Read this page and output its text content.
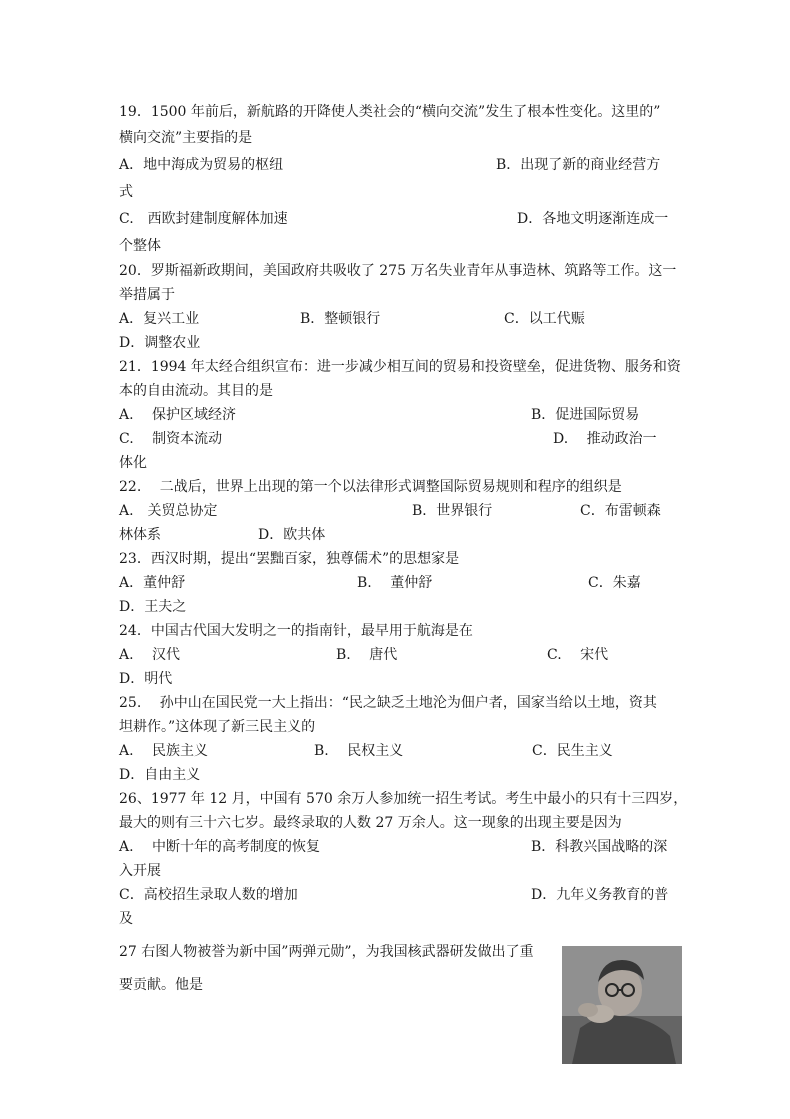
19．1500 年前后，新航路的开降使人类社会的“横向交流”发生了根本性变化。这里的”
横向交流”主要指的是
A．地中海成为贸易的枢纽	B．出现了新的商业经营方
式
C.　西欧封建制度解体加速	D．各地文明逐渐连成一
个整体
20．罗斯福新政期间，美国政府共吸收了 275 万名失业青年从事造林、筑路等工作。这一
举措属于
A．复兴工业	B．整顿银行	C．以工代赈
D．调整农业
21．1994 年太经合组织宣布：进一步减少相互间的贸易和投资壁垒，促进货物、服务和资
本的自由流动。其目的是
A.　 保护区域经济	B．促进国际贸易
C.　 制资本流动	D.　 推动政治一
体化
22.　 二战后，世界上出现的第一个以法律形式调整国际贸易规则和程序的组织是
A.　关贸总协定	B．世界银行	C．布雷顿森
林体系	D．欧共体
23．西汉时期，提出“罢黜百家，独尊儒术”的思想家是
A．董仲舒	B.　 董仲舒	C．朱嘉
D．王夫之
24．中国古代国大发明之一的指南针，最早用于航海是在
A.　 汉代	B.　 唐代	C.　 宋代
D．明代
25.　 孙中山在国民党一大上指出：“民之缺乏土地沦为佃户者，国家当给以土地，资其
坦耕作。”这体现了新三民主义的
A.　 民族主义	B.　 民权主义	C．民生主义
D．自由主义
26、1977 年 12 月，中国有 570 余万人参加统一招生考试。考生中最小的只有十三四岁，
最大的则有三十六七岁。最终录取的人数 27 万余人。这一现象的出现主要是因为
A.　 中断十年的高考制度的恢复	B．科教兴国战略的深
入开展
C．高校招生录取人数的增加	D．九年义务教育的普
及
27 右图人物被誉为新中国”两弹元勋”，为我国核武器研发做出了重
要贡献。他是
